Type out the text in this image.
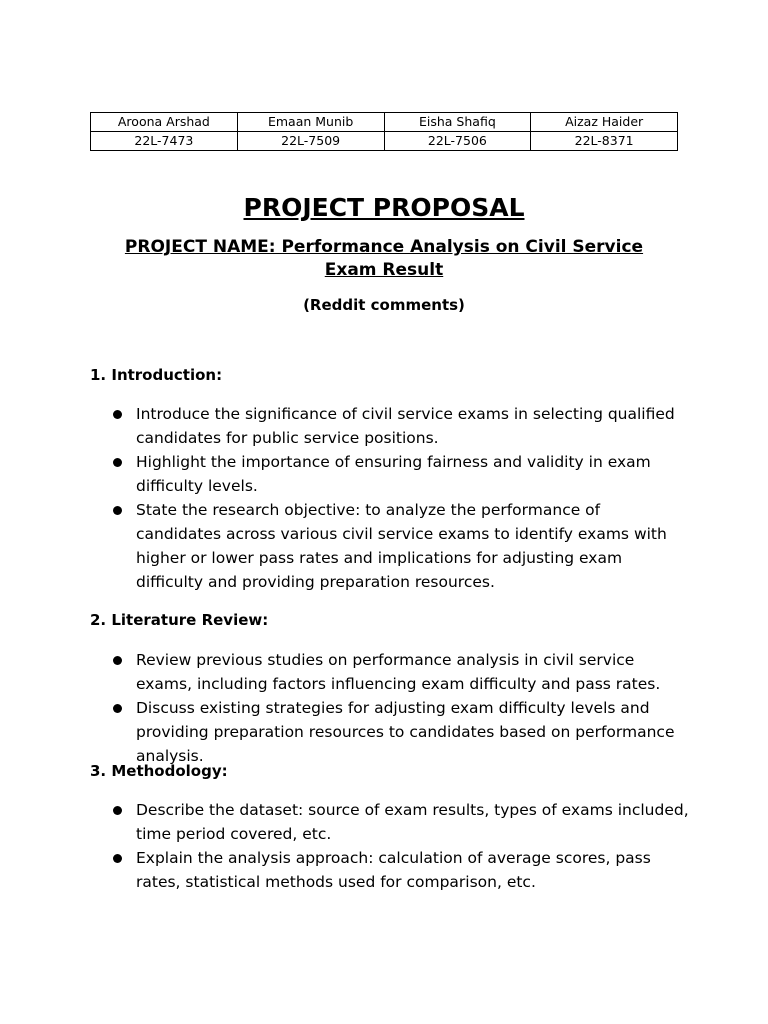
Aroona Arshad	Emaan Munib	Eisha Shafiq	Aizaz Haider
22L-7473	22L-7509	22L-7506	22L-8371
PROJECT PROPOSAL
PROJECT NAME: Performance Analysis on Civil Service Exam Result
(Reddit comments)
1. Introduction:
Introduce the significance of civil service exams in selecting qualified candidates for public service positions.
Highlight the importance of ensuring fairness and validity in exam difficulty levels.
State the research objective: to analyze the performance of candidates across various civil service exams to identify exams with higher or lower pass rates and implications for adjusting exam difficulty and providing preparation resources.
2. Literature Review:
Review previous studies on performance analysis in civil service exams, including factors influencing exam difficulty and pass rates.
Discuss existing strategies for adjusting exam difficulty levels and providing preparation resources to candidates based on performance analysis.
3. Methodology:
Describe the dataset: source of exam results, types of exams included, time period covered, etc.
Explain the analysis approach: calculation of average scores, pass rates, statistical methods used for comparison, etc.
